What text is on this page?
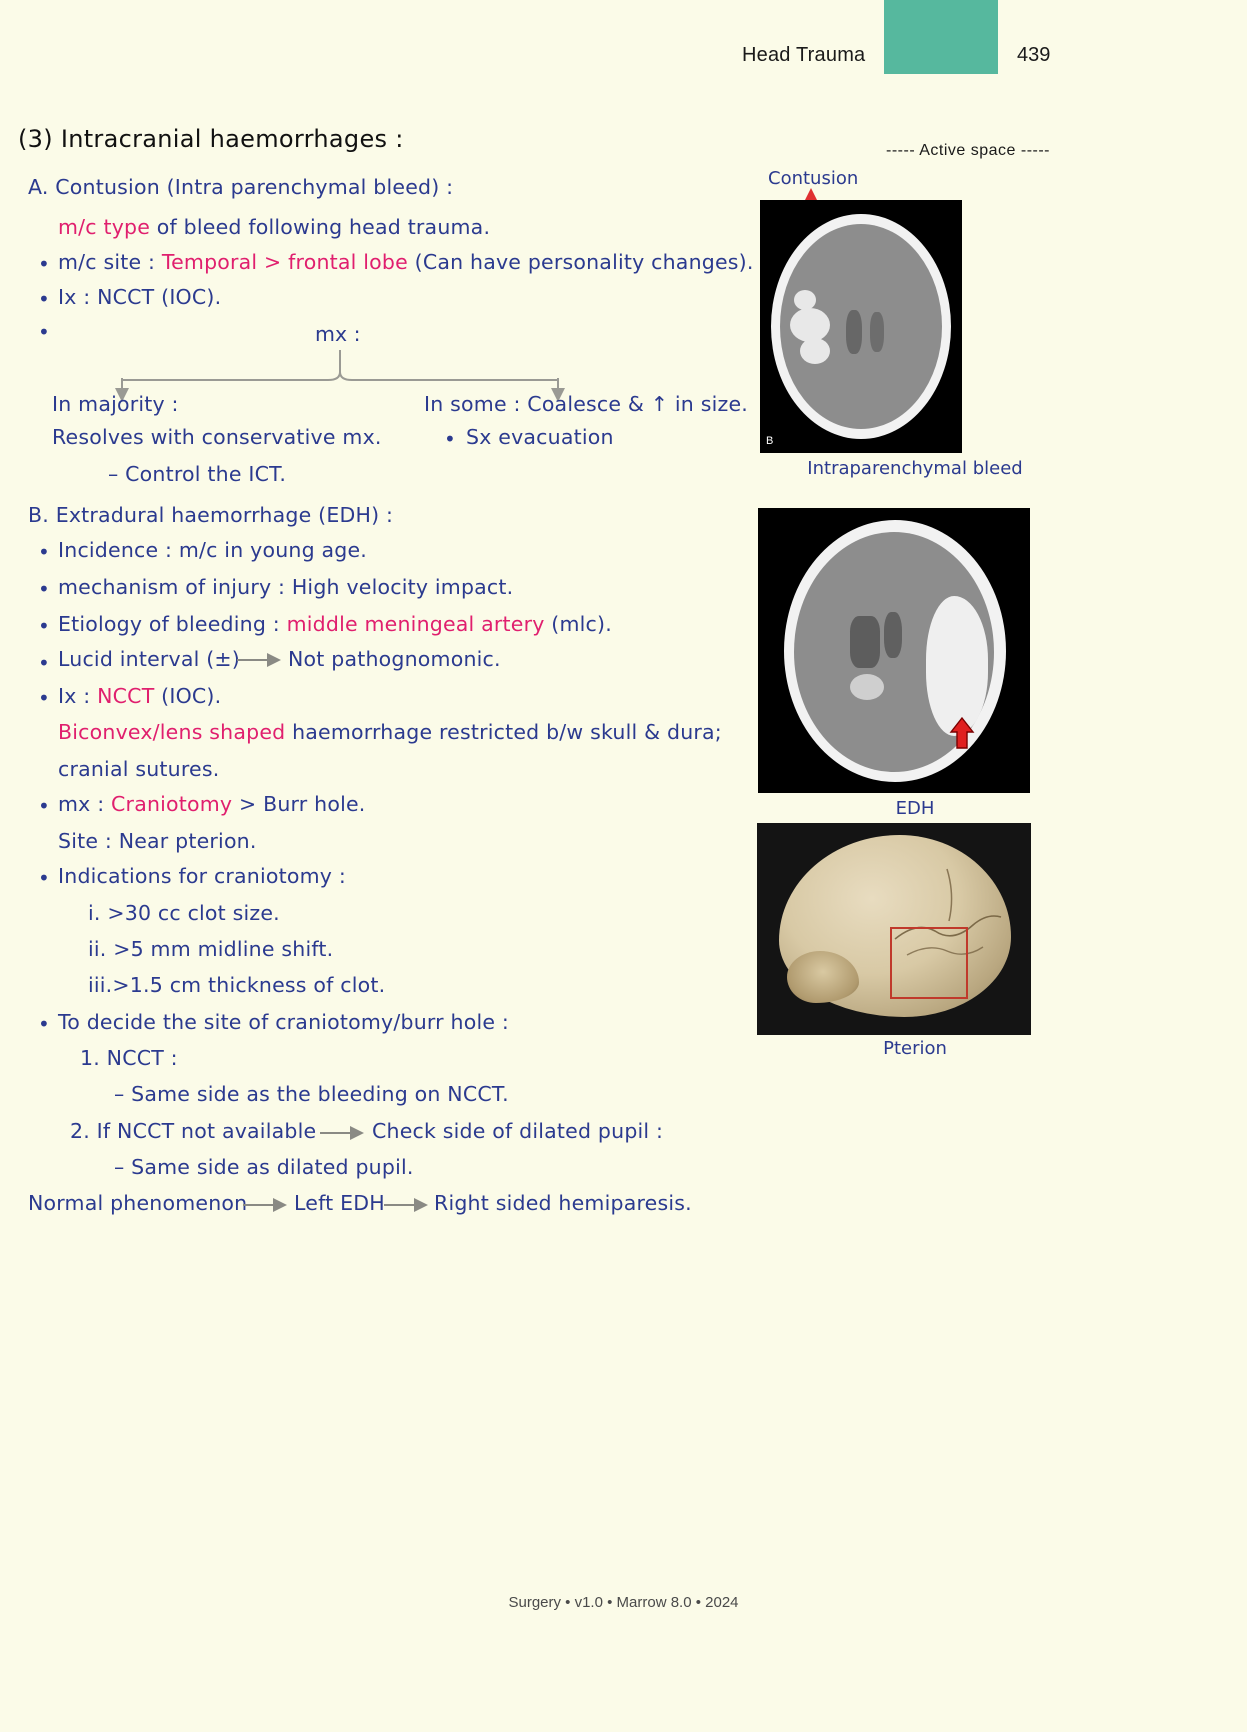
Head Trauma	439
(3) Intracranial haemorrhages :
A. Contusion (Intra parenchymal bleed) :
m/c type of bleed following head trauma.
• m/c site : Temporal > frontal lobe (Can have personality changes).
• Ix : NCCT (IOC).
•	mx :
In majority :
Resolves with conservative mx.
– Control the ICT.
In some : Coalesce & ↑ in size.
• Sx evacuation
B. Extradural haemorrhage (EDH) :
• Incidence : m/c in young age.
• mechanism of injury : High velocity impact.
• Etiology of bleeding : middle meningeal artery (mlc).
• Lucid interval (±) Not pathognomonic.
• Ix : NCCT (IOC).
Biconvex/lens shaped haemorrhage restricted b/w skull & dura;
cranial sutures.
• mx : Craniotomy > Burr hole.
Site : Near pterion.
• Indications for craniotomy :
i. >30 cc clot size.
ii. >5 mm midline shift.
iii.>1.5 cm thickness of clot.
• To decide the site of craniotomy/burr hole :
1. NCCT :
– Same side as the bleeding on NCCT.
2. If NCCT not available	Check side of dilated pupil :
– Same side as dilated pupil.
Normal phenomenon Left EDH Right sided hemiparesis.
----- Active space -----
Contusion
B
Intraparenchymal bleed
EDH
Pterion
Surgery • v1.0 • Marrow 8.0 • 2024
